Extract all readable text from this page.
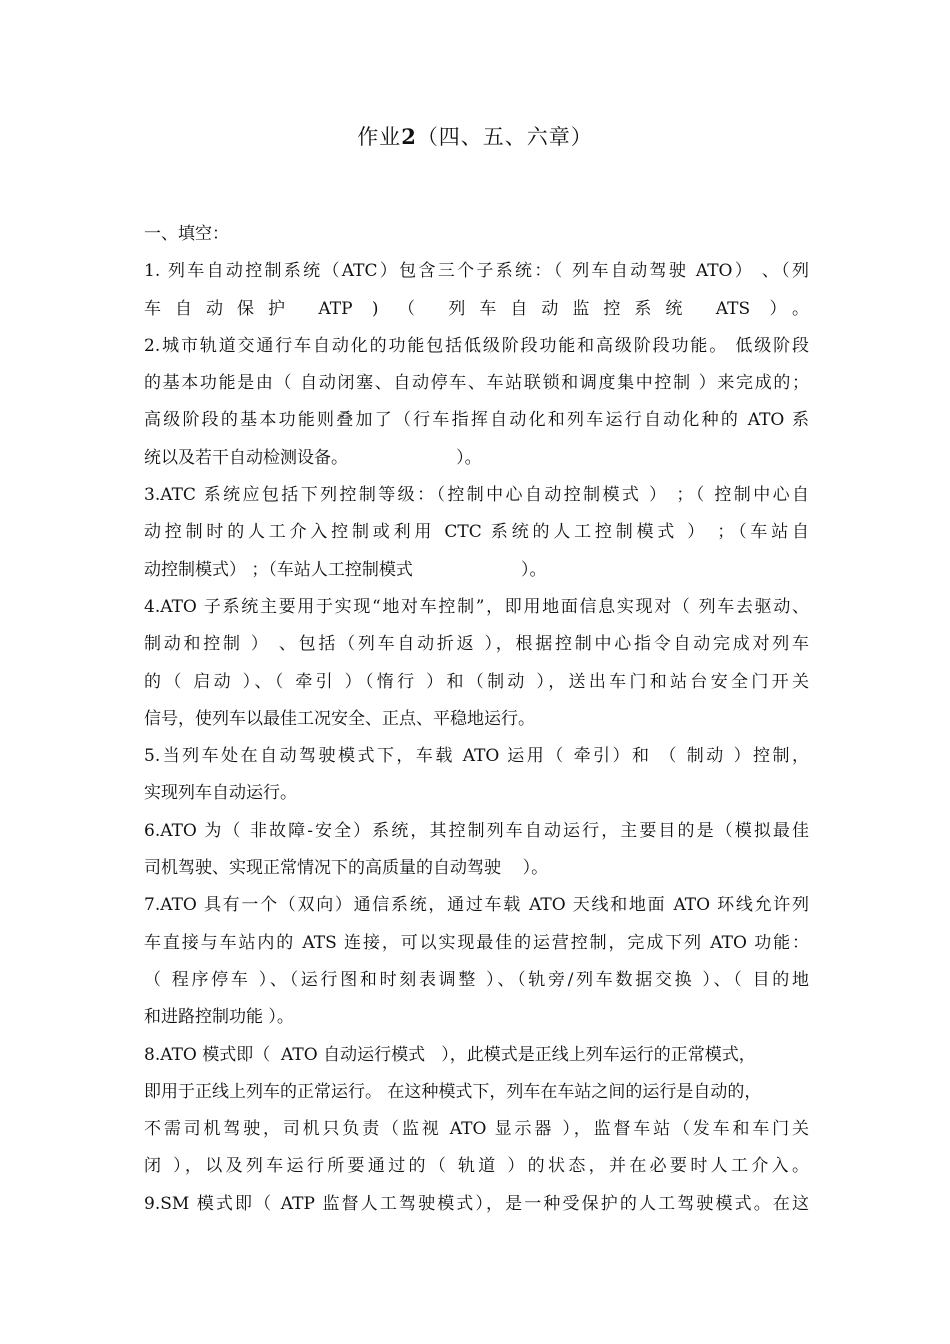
作业2（四、五、六章）
一、填空：
1. 列车自动控制系统（ATC）包含三个子系统：（ 列车自动驾驶 ATO） 、（列
车自动保护 ATP ) （ 列车自动监控系统 ATS ）。
2.城市轨道交通行车自动化的功能包括低级阶段功能和高级阶段功能。 低级阶段
的基本功能是由（ 自动闭塞、自动停车、车站联锁和调度集中控制 ）来完成的；
高级阶段的基本功能则叠加了（行车指挥自动化和列车运行自动化种的 ATO 系
统以及若干自动检测设备。                    ）。
3.ATC 系统应包括下列控制等级：（控制中心自动控制模式 ） ；（ 控制中心自
动控制时的人工介入控制或利用 CTC 系统的人工控制模式 ） ；（车站自
动控制模式） ；（车站人工控制模式                    ）。
4.ATO 子系统主要用于实现“地对车控制”，即用地面信息实现对（ 列车去驱动、
制动和控制 ） 、包括（列车自动折返 ），根据控制中心指令自动完成对列车
的（ 启动 ）、（ 牵引 ）（惰行 ）和（制动 ），送出车门和站台安全门开关
信号，使列车以最佳工况安全、正点、平稳地运行。
5.当列车处在自动驾驶模式下，车载 ATO 运用（ 牵引）和 （ 制动 ）控制，
实现列车自动运行。
6.ATO 为（ 非故障-安全）系统，其控制列车自动运行，主要目的是（模拟最佳
司机驾驶、实现正常情况下的高质量的自动驾驶    ）。
7.ATO 具有一个（双向）通信系统，通过车载 ATO 天线和地面 ATO 环线允许列
车直接与车站内的 ATS 连接，可以实现最佳的运营控制，完成下列 ATO 功能：
（ 程序停车 ）、（运行图和时刻表调整 ）、（轨旁/列车数据交换 ）、（ 目的地
和进路控制功能 ）。
8.ATO 模式即（  ATO 自动运行模式   ），此模式是正线上列车运行的正常模式，
即用于正线上列车的正常运行。 在这种模式下，列车在车站之间的运行是自动的，
不需司机驾驶，司机只负责（监视 ATO 显示器 ），监督车站（发车和车门关
闭 ），以及列车运行所要通过的（ 轨道 ）的状态，并在必要时人工介入。
9.SM 模式即（ ATP 监督人工驾驶模式），是一种受保护的人工驾驶模式。在这
